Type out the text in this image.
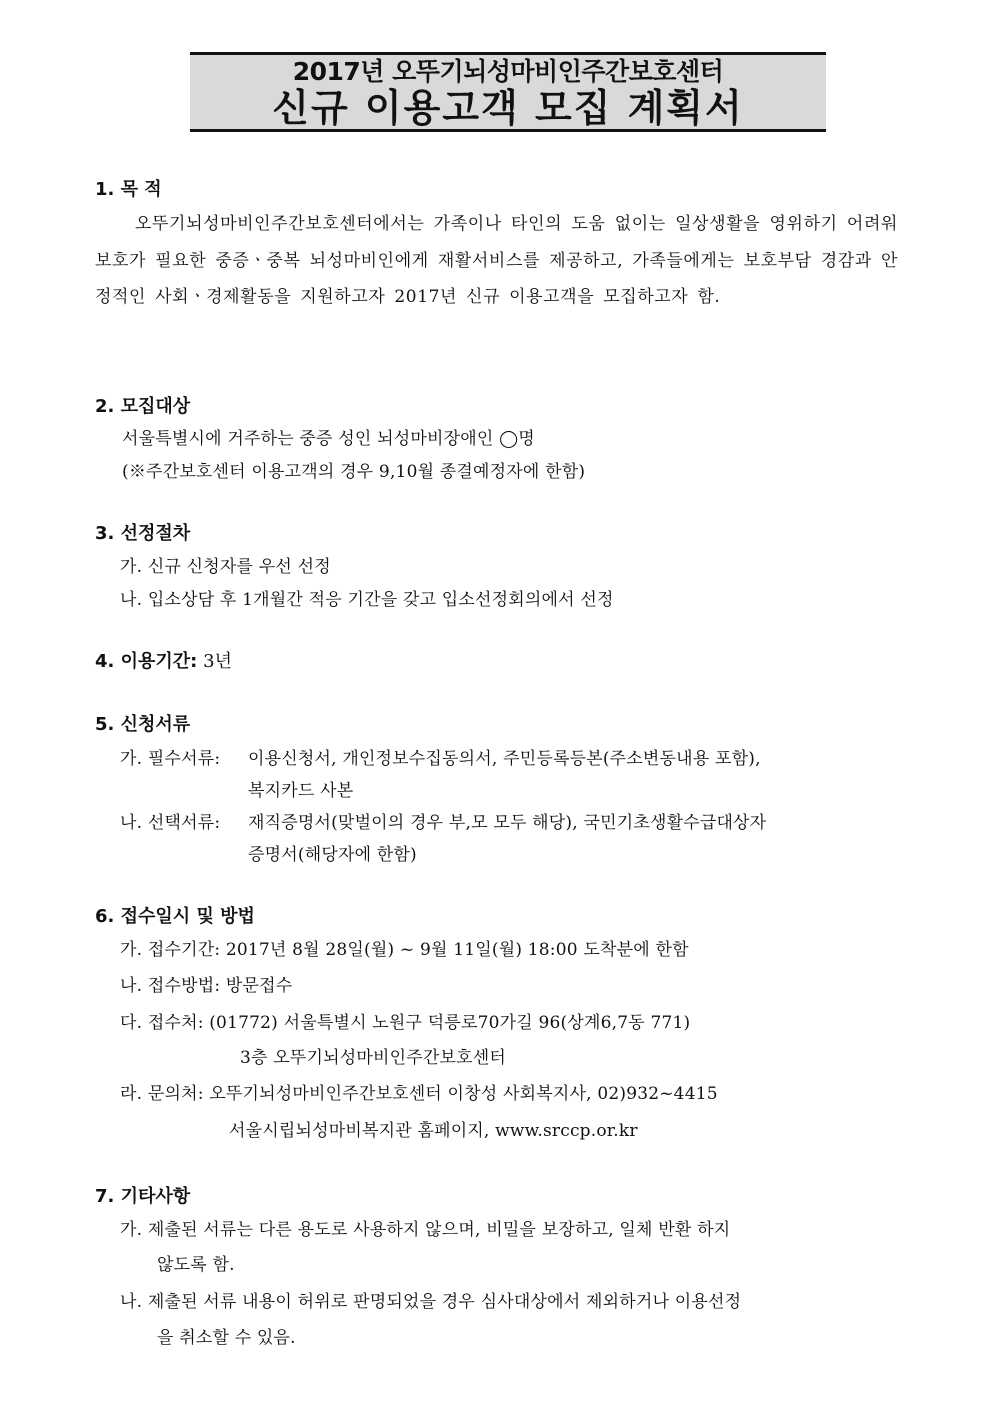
2017년 오뚜기뇌성마비인주간보호센터
신규 이용고객 모집 계획서
1. 목 적
오뚜기뇌성마비인주간보호센터에서는 가족이나 타인의 도움 없이는 일상생활을 영위하기 어려워 보호가 필요한 중증ㆍ중복 뇌성마비인에게 재활서비스를 제공하고, 가족들에게는 보호부담 경감과 안정적인 사회ㆍ경제활동을 지원하고자 2017년 신규 이용고객을 모집하고자 함.
2. 모집대상
서울특별시에 거주하는 중증 성인 뇌성마비장애인 ◯명
(※주간보호센터 이용고객의 경우 9,10월 종결예정자에 한함)
3. 선정절차
가. 신규 신청자를 우선 선정
나. 입소상담 후 1개월간 적응 기간을 갖고 입소선정회의에서 선정
4. 이용기간: 3년
5. 신청서류
가. 필수서류: 이용신청서, 개인정보수집동의서, 주민등록등본(주소변동내용 포함),
복지카드 사본
나. 선택서류: 재직증명서(맞벌이의 경우 부,모 모두 해당), 국민기초생활수급대상자
증명서(해당자에 한함)
6. 접수일시 및 방법
가. 접수기간: 2017년 8월 28일(월) ~ 9월 11일(월) 18:00 도착분에 한함
나. 접수방법: 방문접수
다. 접수처: (01772) 서울특별시 노원구 덕릉로70가길 96(상계6,7동 771)
3층 오뚜기뇌성마비인주간보호센터
라. 문의처: 오뚜기뇌성마비인주간보호센터 이창성 사회복지사, 02)932~4415
서울시립뇌성마비복지관 홈페이지, www.srccp.or.kr
7. 기타사항
가. 제출된 서류는 다른 용도로 사용하지 않으며, 비밀을 보장하고, 일체 반환 하지
않도록 함.
나. 제출된 서류 내용이 허위로 판명되었을 경우 심사대상에서 제외하거나 이용선정
을 취소할 수 있음.
